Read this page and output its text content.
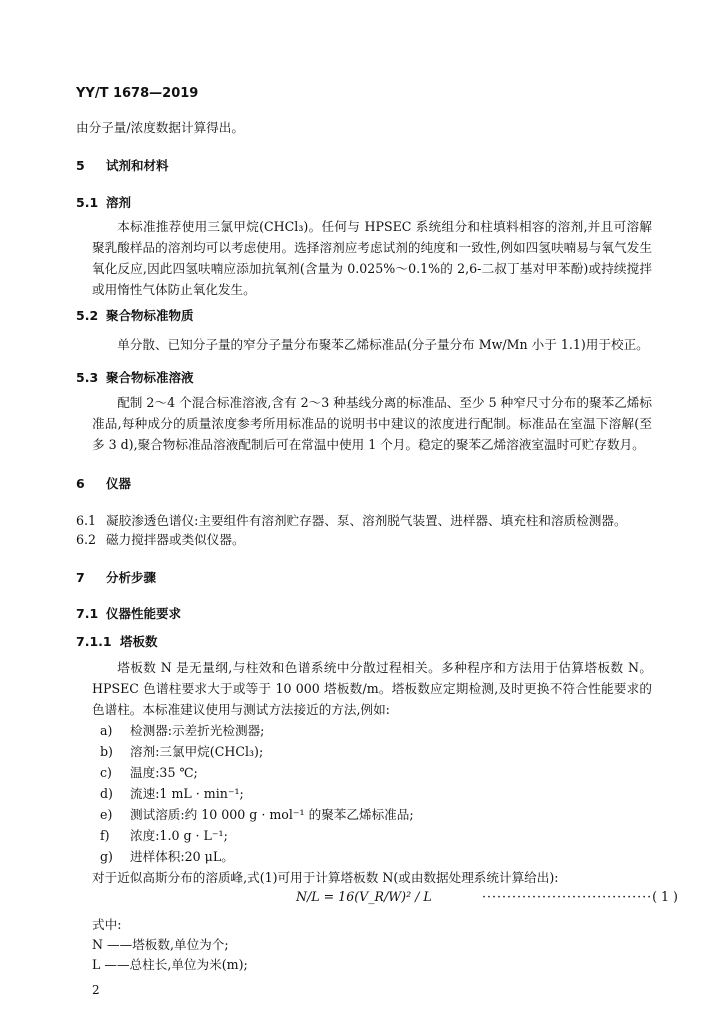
YY/T 1678—2019
由分子量/浓度数据计算得出。
5 试剂和材料
5.1 溶剂
本标准推荐使用三氯甲烷(CHCl₃)。任何与 HPSEC 系统组分和柱填料相容的溶剂,并且可溶解聚乳酸样品的溶剂均可以考虑使用。选择溶剂应考虑试剂的纯度和一致性,例如四氢呋喃易与氧气发生氧化反应,因此四氢呋喃应添加抗氧剂(含量为 0.025%～0.1%的 2,6-二叔丁基对甲苯酚)或持续搅拌或用惰性气体防止氧化发生。
5.2 聚合物标准物质
单分散、已知分子量的窄分子量分布聚苯乙烯标准品(分子量分布 Mw/Mn 小于 1.1)用于校正。
5.3 聚合物标准溶液
配制 2～4 个混合标准溶液,含有 2～3 种基线分离的标准品、至少 5 种窄尺寸分布的聚苯乙烯标准品,每种成分的质量浓度参考所用标准品的说明书中建议的浓度进行配制。标准品在室温下溶解(至多 3 d),聚合物标准品溶液配制后可在常温中使用 1 个月。稳定的聚苯乙烯溶液室温时可贮存数月。
6 仪器
6.1 凝胶渗透色谱仪:主要组件有溶剂贮存器、泵、溶剂脱气装置、进样器、填充柱和溶质检测器。
6.2 磁力搅拌器或类似仪器。
7 分析步骤
7.1 仪器性能要求
7.1.1 塔板数
塔板数 N 是无量纲,与柱效和色谱系统中分散过程相关。多种程序和方法用于估算塔板数 N。HPSEC 色谱柱要求大于或等于 10 000 塔板数/m。塔板数应定期检测,及时更换不符合性能要求的色谱柱。本标准建议使用与测试方法接近的方法,例如:
a) 检测器:示差折光检测器;
b) 溶剂:三氯甲烷(CHCl₃);
c) 温度:35 ℃;
d) 流速:1 mL · min⁻¹;
e) 测试溶质:约 10 000 g · mol⁻¹ 的聚苯乙烯标准品;
f) 浓度:1.0 g · L⁻¹;
g) 进样体积:20 μL。
对于近似高斯分布的溶质峰,式(1)可用于计算塔板数 N(或由数据处理系统计算给出):
N/L = 16(V_R/W)² / L	··································( 1 )
式中:
N ——塔板数,单位为个;
L ——总柱长,单位为米(m);
2
